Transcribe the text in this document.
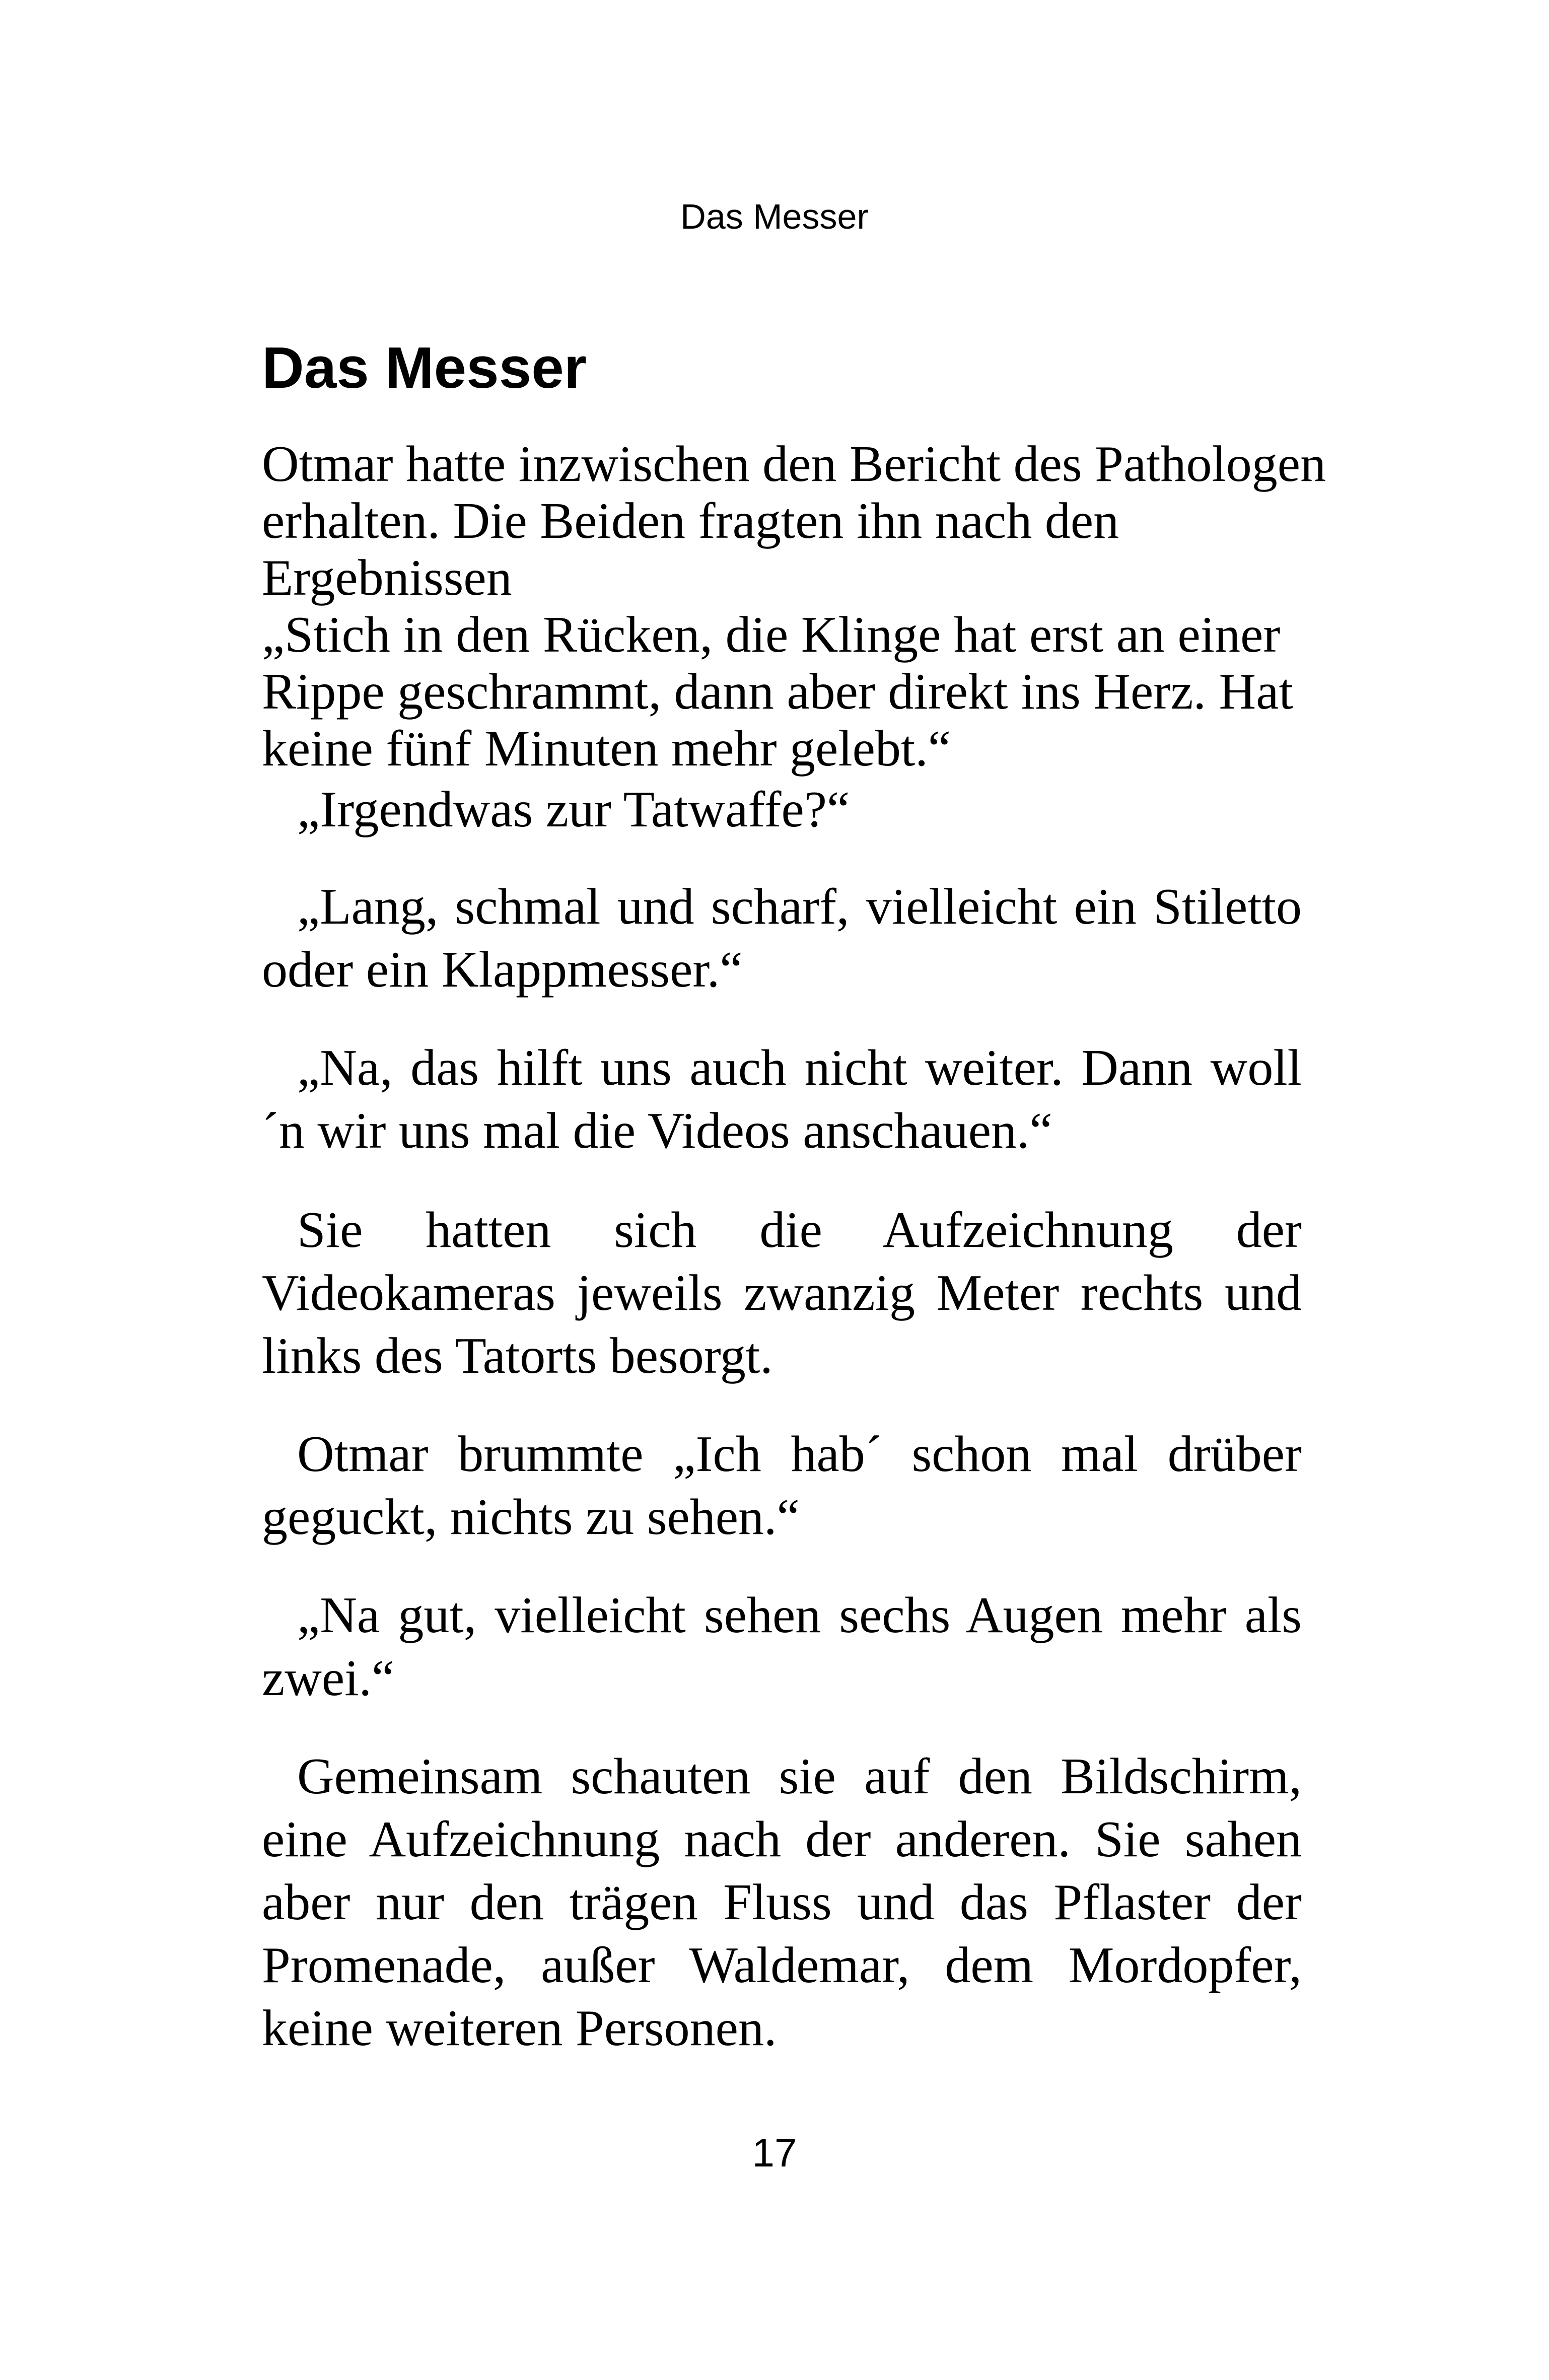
Das Messer

Das Messer
Otmar hatte inzwischen den Bericht des Pathologen
erhalten. Die Beiden fragten ihn nach den
Ergebnissen
„Stich in den Rücken, die Klinge hat erst an einer
Rippe geschrammt, dann aber direkt ins Herz. Hat
keine fünf Minuten mehr gelebt.“

„Irgendwas zur Tatwaffe?“

„Lang, schmal und scharf, vielleicht ein Stiletto oder ein Klappmesser.“

„Na, das hilft uns auch nicht weiter. Dann woll´n wir uns mal die Videos anschauen.“

Sie hatten sich die Aufzeichnung der Videokameras jeweils zwanzig Meter rechts und links des Tatorts besorgt.

Otmar brummte „Ich hab´ schon mal drüber geguckt, nichts zu sehen.“

„Na gut, vielleicht sehen sechs Augen mehr als zwei.“

Gemeinsam schauten sie auf den Bildschirm, eine Aufzeichnung nach der anderen. Sie sahen aber nur den trägen Fluss und das Pflaster der Promenade, außer Waldemar, dem Mordopfer, keine weiteren Personen.

17
